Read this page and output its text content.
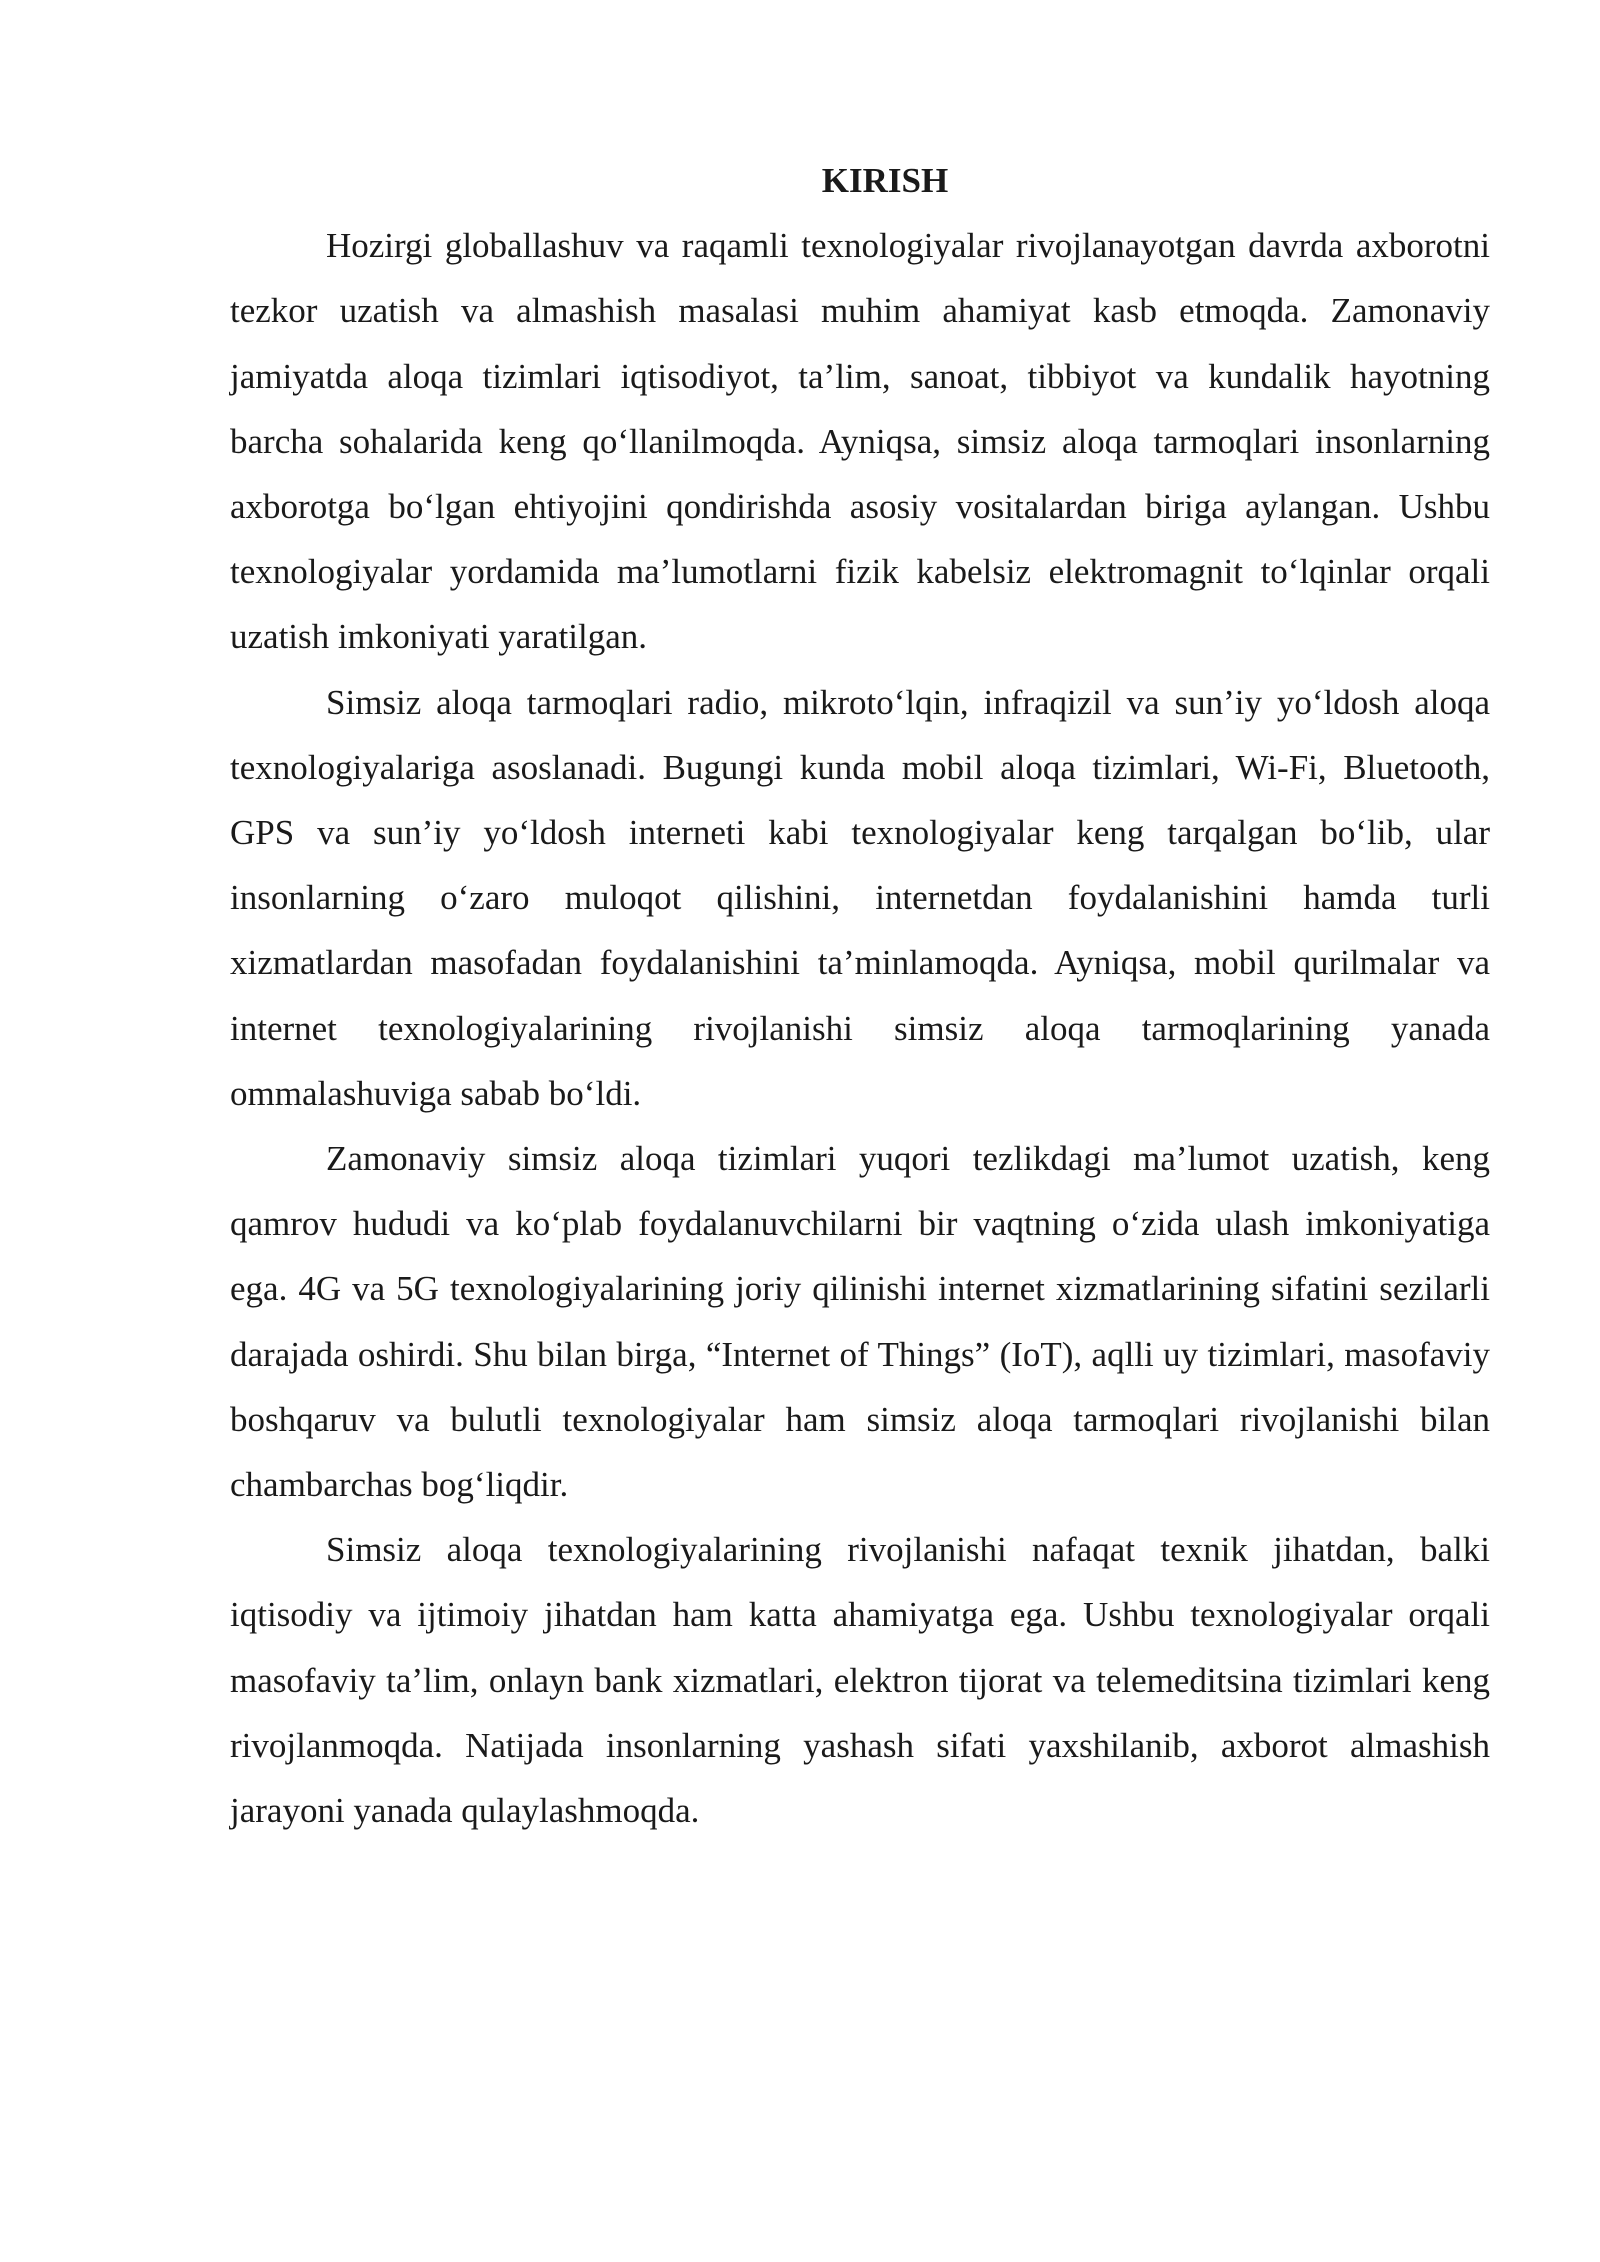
KIRISH

Hozirgi globallashuv va raqamli texnologiyalar rivojlanayotgan davrda axborotni tezkor uzatish va almashish masalasi muhim ahamiyat kasb etmoqda. Zamonaviy jamiyatda aloqa tizimlari iqtisodiyot, ta’lim, sanoat, tibbiyot va kundalik hayotning barcha sohalarida keng qo‘llanilmoqda. Ayniqsa, simsiz aloqa tarmoqlari insonlarning axborotga bo‘lgan ehtiyojini qondirishda asosiy vositalardan biriga aylangan. Ushbu texnologiyalar yordamida ma’lumotlarni fizik kabelsiz elektromagnit to‘lqinlar orqali uzatish imkoniyati yaratilgan.

Simsiz aloqa tarmoqlari radio, mikroto‘lqin, infraqizil va sun’iy yo‘ldosh aloqa texnologiyalariga asoslanadi. Bugungi kunda mobil aloqa tizimlari, Wi-Fi, Bluetooth, GPS va sun’iy yo‘ldosh interneti kabi texnologiyalar keng tarqalgan bo‘lib, ular insonlarning o‘zaro muloqot qilishini, internetdan foydalanishini hamda turli xizmatlardan masofadan foydalanishini ta’minlamoqda. Ayniqsa, mobil qurilmalar va internet texnologiyalarining rivojlanishi simsiz aloqa tarmoqlarining yanada ommalashuviga sabab bo‘ldi.

Zamonaviy simsiz aloqa tizimlari yuqori tezlikdagi ma’lumot uzatish, keng qamrov hududi va ko‘plab foydalanuvchilarni bir vaqtning o‘zida ulash imkoniyatiga ega. 4G va 5G texnologiyalarining joriy qilinishi internet xizmatlarining sifatini sezilarli darajada oshirdi. Shu bilan birga, “Internet of Things” (IoT), aqlli uy tizimlari, masofaviy boshqaruv va bulutli texnologiyalar ham simsiz aloqa tarmoqlari rivojlanishi bilan chambarchas bog‘liqdir.

Simsiz aloqa texnologiyalarining rivojlanishi nafaqat texnik jihatdan, balki iqtisodiy va ijtimoiy jihatdan ham katta ahamiyatga ega. Ushbu texnologiyalar orqali masofaviy ta’lim, onlayn bank xizmatlari, elektron tijorat va telemeditsina tizimlari keng rivojlanmoqda. Natijada insonlarning yashash sifati yaxshilanib, axborot almashish jarayoni yanada qulaylashmoqda.
